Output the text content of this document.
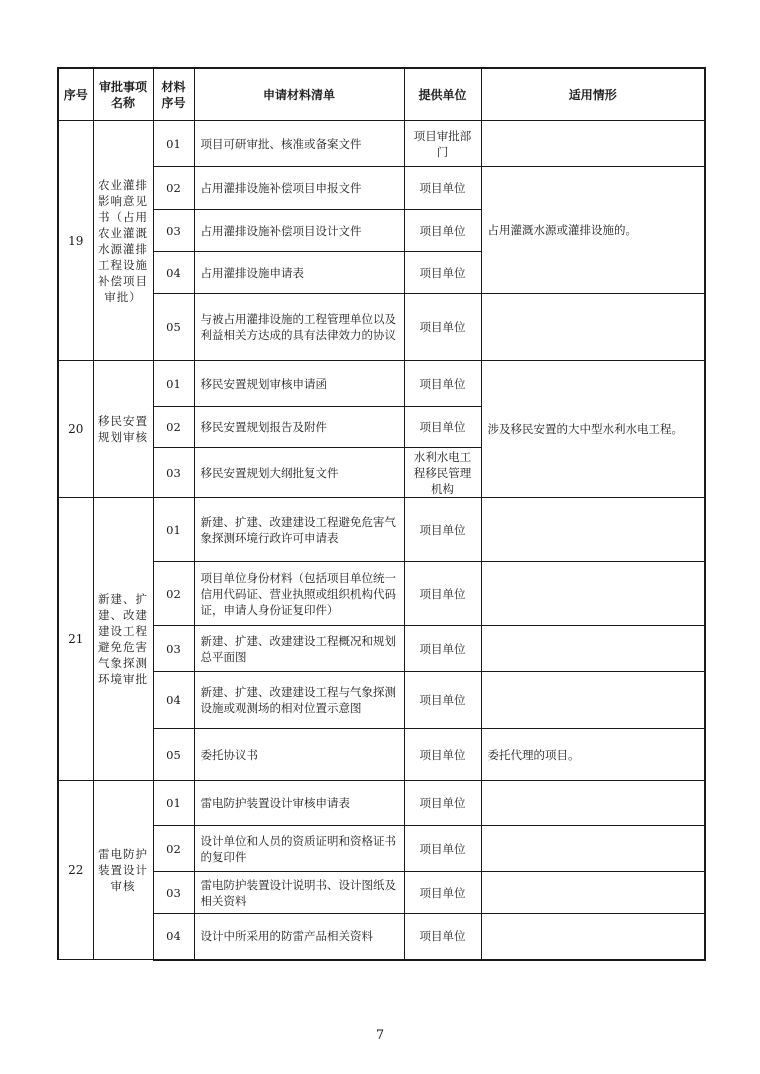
序号	审批事项名称	材料序号	申请材料清单	提供单位	适用情形
19	农业灌排影响意见书（占用农业灌溉水源灌排工程设施补偿项目审批）	01	项目可研审批、核准或备案文件	项目审批部门	
		02	占用灌排设施补偿项目申报文件	项目单位	占用灌溉水源或灌排设施的。
		03	占用灌排设施补偿项目设计文件	项目单位	
		04	占用灌排设施申请表	项目单位	
		05	与被占用灌排设施的工程管理单位以及利益相关方达成的具有法律效力的协议	项目单位	
20	移民安置规划审核	01	移民安置规划审核申请函	项目单位	涉及移民安置的大中型水利水电工程。
		02	移民安置规划报告及附件	项目单位	
		03	移民安置规划大纲批复文件	水利水电工程移民管理机构	
21	新建、扩建、改建建设工程避免危害气象探测环境审批	01	新建、扩建、改建建设工程避免危害气象探测环境行政许可申请表	项目单位	
		02	项目单位身份材料（包括项目单位统一信用代码证、营业执照或组织机构代码证，申请人身份证复印件）	项目单位	
		03	新建、扩建、改建建设工程概况和规划总平面图	项目单位	
		04	新建、扩建、改建建设工程与气象探测设施或观测场的相对位置示意图	项目单位	
		05	委托协议书	项目单位	委托代理的项目。
22	雷电防护装置设计审核	01	雷电防护装置设计审核申请表	项目单位	
		02	设计单位和人员的资质证明和资格证书的复印件	项目单位	
		03	雷电防护装置设计说明书、设计图纸及相关资料	项目单位	
		04	设计中所采用的防雷产品相关资料	项目单位	
7
